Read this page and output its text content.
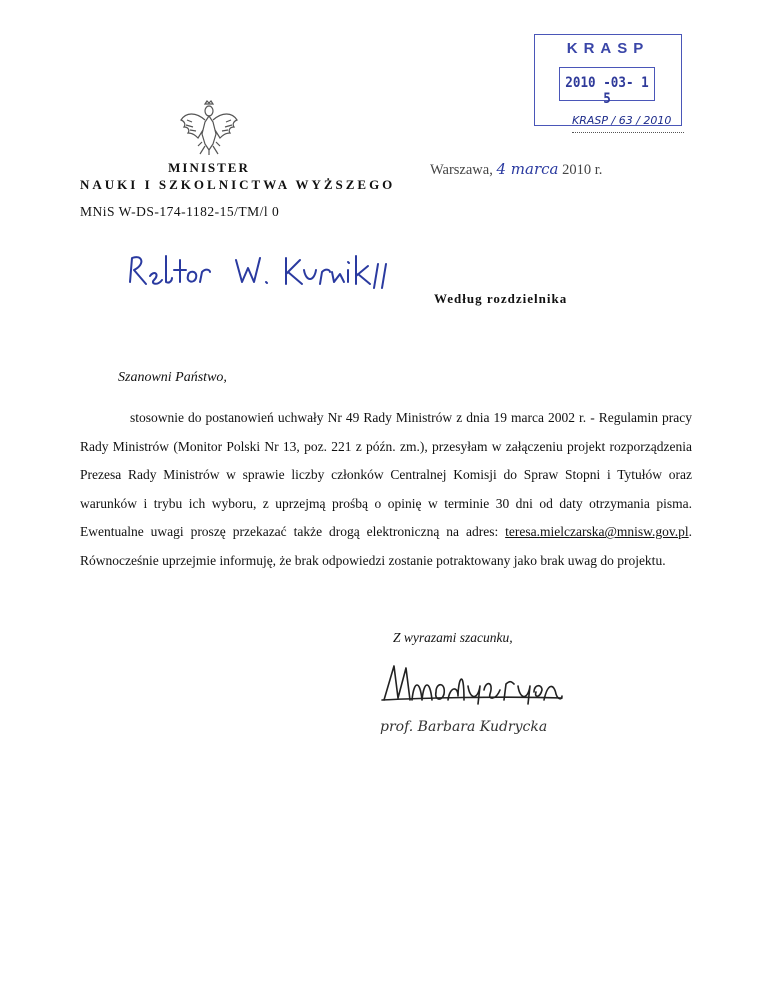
KRASP
2010 -03- 1 5
KRASP / 63 / 2010
MINISTER
NAUKI I SZKOLNICTWA WYŻSZEGO
Warszawa, 4 marca 2010 r.
MNiS W-DS-174-1182-15/TM/l 0
Według rozdzielnika
Szanowni Państwo,

stosownie do postanowień uchwały Nr 49 Rady Ministrów z dnia 19 marca 2002 r. - Regulamin pracy Rady Ministrów (Monitor Polski Nr 13, poz. 221 z późn. zm.), przesyłam w załączeniu projekt rozporządzenia Prezesa Rady Ministrów w sprawie liczby członków Centralnej Komisji do Spraw Stopni i Tytułów oraz warunków i trybu ich wyboru, z uprzejmą prośbą o opinię w terminie 30 dni od daty otrzymania pisma. Ewentualne uwagi proszę przekazać także drogą elektroniczną na adres: teresa.mielczarska@mnisw.gov.pl. Równocześnie uprzejmie informuję, że brak odpowiedzi zostanie potraktowany jako brak uwag do projektu.

Z wyrazami szacunku,
prof. Barbara Kudrycka
